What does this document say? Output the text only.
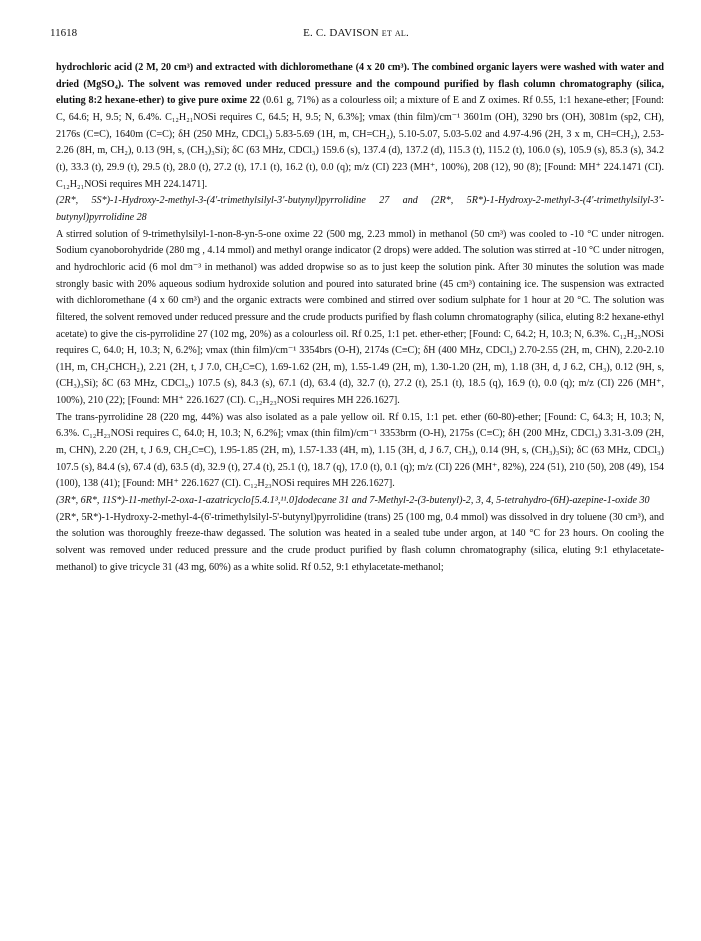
11618	E. C. DAVISON et al.

hydrochloric acid (2 M, 20 cm³) and extracted with dichloromethane (4 x 20 cm³). The combined organic layers were washed with water and dried (MgSO₄). The solvent was removed under reduced pressure and the compound purified by flash column chromatography (silica, eluting 8:2 hexane-ether) to give pure oxime 22 (0.61 g, 71%) as a colourless oil; a mixture of E and Z oximes. Rf 0.55, 1:1 hexane-ether; [Found: C, 64.6; H, 9.5; N, 6.4%. C₁₂H₂₁NOSi requires C, 64.5; H, 9.5; N, 6.3%]; νmax (thin film)/cm⁻¹ 3601m (OH), 3290 brs (OH), 3081m (sp2, CH), 2176s (C≡C), 1640m (C=C); δH (250 MHz, CDCl₃) 5.83-5.69 (1H, m, CH=CH₂), 5.10-5.07, 5.03-5.02 and 4.97-4.96 (2H, 3 x m, CH=CH₂), 2.53-2.26 (8H, m, CH₂), 0.13 (9H, s, (CH₃)₃Si); δC (63 MHz, CDCl₃) 159.6 (s), 137.4 (d), 137.2 (d), 115.3 (t), 115.2 (t), 106.0 (s), 105.9 (s), 85.3 (s), 34.2 (t), 33.3 (t), 29.9 (t), 29.5 (t), 28.0 (t), 27.2 (t), 17.1 (t), 16.2 (t), 0.0 (q); m/z (CI) 223 (MH⁺, 100%), 208 (12), 90 (8); [Found: MH⁺ 224.1471 (CI). C₁₂H₂₁NOSi requires MH 224.1471].

(2R*, 5S*)-1-Hydroxy-2-methyl-3-(4'-trimethylsilyl-3'-butynyl)pyrrolidine 27 and (2R*, 5R*)-1-Hydroxy-2-methyl-3-(4'-trimethylsilyl-3'-butynyl)pyrrolidine 28

A stirred solution of 9-trimethylsilyl-1-non-8-yn-5-one oxime 22 (500 mg, 2.23 mmol) in methanol (50 cm³) was cooled to -10 °C under nitrogen. Sodium cyanoborohydride (280 mg , 4.14 mmol) and methyl orange indicator (2 drops) were added. The solution was stirred at -10 °C under nitrogen, and hydrochloric acid (6 mol dm⁻³ in methanol) was added dropwise so as to just keep the solution pink. After 30 minutes the solution was made strongly basic with 20% aqueous sodium hydroxide solution and poured into saturated brine (45 cm³) containing ice. The suspension was extracted with dichloromethane (4 x 60 cm³) and the organic extracts were combined and stirred over sodium sulphate for 1 hour at 20 °C. The solution was filtered, the solvent removed under reduced pressure and the crude products purified by flash column chromatography (silica, eluting 8:2 hexane-ethyl acetate) to give the cis-pyrrolidine 27 (102 mg, 20%) as a colourless oil. Rf 0.25, 1:1 pet. ether-ether; [Found: C, 64.2; H, 10.3; N, 6.3%. C₁₂H₂₃NOSi requires C, 64.0; H, 10.3; N, 6.2%]; νmax (thin film)/cm⁻¹ 3354brs (O-H), 2174s (C≡C); δH (400 MHz, CDCl₃) 2.70-2.55 (2H, m, CHN), 2.20-2.10 (1H, m, CH₂CHCH₂), 2.21 (2H, t, J 7.0, CH₂C≡C), 1.69-1.62 (2H, m), 1.55-1.49 (2H, m), 1.30-1.20 (2H, m), 1.18 (3H, d, J 6.2, CH₃), 0.12 (9H, s, (CH₃)₃Si); δC (63 MHz, CDCl₃,) 107.5 (s), 84.3 (s), 67.1 (d), 63.4 (d), 32.7 (t), 27.2 (t), 25.1 (t), 18.5 (q), 16.9 (t), 0.0 (q); m/z (CI) 226 (MH⁺, 100%), 210 (22); [Found: MH⁺ 226.1627 (CI). C₁₂H₂₃NOSi requires MH 226.1627].

The trans-pyrrolidine 28 (220 mg, 44%) was also isolated as a pale yellow oil. Rf 0.15, 1:1 pet. ether (60-80)-ether; [Found: C, 64.3; H, 10.3; N, 6.3%. C₁₂H₂₃NOSi requires C, 64.0; H, 10.3; N, 6.2%]; νmax (thin film)/cm⁻¹ 3353brm (O-H), 2175s (C≡C); δH (200 MHz, CDCl₃) 3.31-3.09 (2H, m, CHN), 2.20 (2H, t, J 6.9, CH₂C≡C), 1.95-1.85 (2H, m), 1.57-1.33 (4H, m), 1.15 (3H, d, J 6.7, CH₃), 0.14 (9H, s, (CH₃)₃Si); δC (63 MHz, CDCl₃) 107.5 (s), 84.4 (s), 67.4 (d), 63.5 (d), 32.9 (t), 27.4 (t), 25.1 (t), 18.7 (q), 17.0 (t), 0.1 (q); m/z (CI) 226 (MH⁺, 82%), 224 (51), 210 (50), 208 (49), 154 (100), 138 (41); [Found: MH⁺ 226.1627 (CI). C₁₂H₂₃NOSi requires MH 226.1627].

(3R*, 6R*, 11S*)-11-methyl-2-oxa-1-azatricyclo[5.4.1³,¹¹.0]dodecane 31 and 7-Methyl-2-(3-butenyl)-2, 3, 4, 5-tetrahydro-(6H)-azepine-1-oxide 30

(2R*, 5R*)-1-Hydroxy-2-methyl-4-(6'-trimethylsilyl-5'-butynyl)pyrrolidine (trans) 25 (100 mg, 0.4 mmol) was dissolved in dry toluene (30 cm³), and the solution was thoroughly freeze-thaw degassed. The solution was heated in a sealed tube under argon, at 140 °C for 23 hours. On cooling the solvent was removed under reduced pressure and the crude product purified by flash column chromatography (silica, eluting 9:1 ethylacetate-methanol) to give tricycle 31 (43 mg, 60%) as a white solid. Rf 0.52, 9:1 ethylacetate-methanol;
